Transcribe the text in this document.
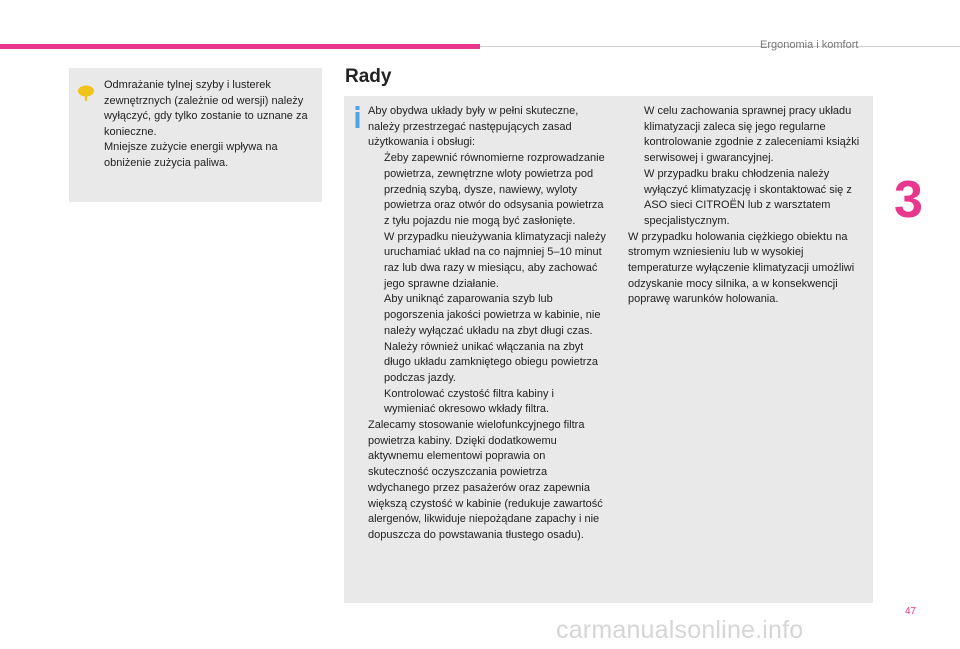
Ergonomia i komfort
3

Odmrażanie tylnej szyby i lusterek zewnętrznych (zależnie od wersji) należy wyłączyć, gdy tylko zostanie to uznane za konieczne.

Mniejsze zużycie energii wpływa na obniżenie zużycia paliwa.

Rady

Aby obydwa układy były w pełni skuteczne, należy przestrzegać następujących zasad użytkowania i obsługi:

Żeby zapewnić równomierne rozprowadzanie powietrza, zewnętrzne wloty powietrza pod przednią szybą, dysze, nawiewy, wyloty powietrza oraz otwór do odsysania powietrza z tyłu pojazdu nie mogą być zasłonięte.
W przypadku nieużywania klimatyzacji należy uruchamiać układ na co najmniej 5–10 minut raz lub dwa razy w miesiącu, aby zachować jego sprawne działanie.
Aby uniknąć zaparowania szyb lub pogorszenia jakości powietrza w kabinie, nie należy wyłączać układu na zbyt długi czas. Należy również unikać włączania na zbyt długo układu zamkniętego obiegu powietrza podczas jazdy.
Kontrolować czystość filtra kabiny i wymieniać okresowo wkłady filtra.

Zalecamy stosowanie wielofunkcyjnego filtra powietrza kabiny. Dzięki dodatkowemu aktywnemu elementowi poprawia on skuteczność oczyszczania powietrza wdychanego przez pasażerów oraz zapewnia większą czystość w kabinie (redukuje zawartość alergenów, likwiduje niepożądane zapachy i nie dopuszcza do powstawania tłustego osadu).

W celu zachowania sprawnej pracy układu klimatyzacji zaleca się jego regularne kontrolowanie zgodnie z zaleceniami książki serwisowej i gwarancyjnej.
W przypadku braku chłodzenia należy wyłączyć klimatyzację i skontaktować się z ASO sieci CITROËN lub z warsztatem specjalistycznym.

W przypadku holowania ciężkiego obiektu na stromym wzniesieniu lub w wysokiej temperaturze wyłączenie klimatyzacji umożliwi odzyskanie mocy silnika, a w konsekwencji poprawę warunków holowania.

47
carmanualsonline.info
